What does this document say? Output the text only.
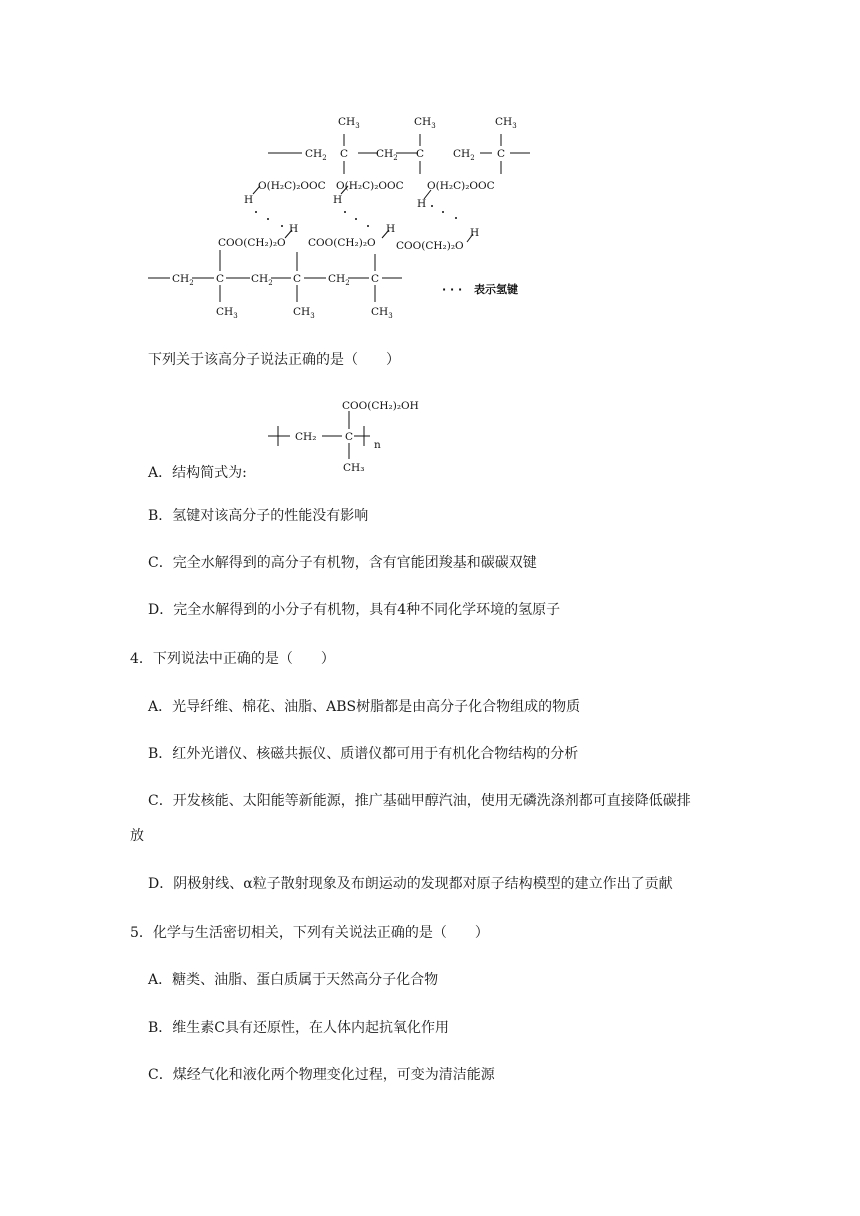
$CH_3$	$CH_3$	$CH_3$
$CH_2$	$CH_2$	$CH_2$
C	C	C
O(H₂C)₂OOC O(H₂C)₂OOC O(H₂C)₂OOC
H	H	H
H	H	H
COO(CH₂)₂O COO(CH₂)₂O COO(CH₂)₂O
C	C	C
$CH_2$	$CH_2$	$CH_2$
$CH_3$	$CH_3$	$CH_3$
· · · 表示氢键
下列关于该高分子说法正确的是（　　）
COO(CH₂)₂OH
CH₂	C
CH₃
n
A．结构简式为:
B．氢键对该高分子的性能没有影响
C．完全水解得到的高分子有机物，含有官能团羧基和碳碳双键
D．完全水解得到的小分子有机物，具有4种不同化学环境的氢原子
4．下列说法中正确的是（　　）
A．光导纤维、棉花、油脂、ABS树脂都是由高分子化合物组成的物质
B．红外光谱仪、核磁共振仪、质谱仪都可用于有机化合物结构的分析
C．开发核能、太阳能等新能源，推广基础甲醇汽油，使用无磷洗涤剂都可直接降低碳排
放
D．阴极射线、α粒子散射现象及布朗运动的发现都对原子结构模型的建立作出了贡献
5．化学与生活密切相关，下列有关说法正确的是（　　）
A．糖类、油脂、蛋白质属于天然高分子化合物
B．维生素C具有还原性，在人体内起抗氧化作用
C．煤经气化和液化两个物理变化过程，可变为清洁能源
